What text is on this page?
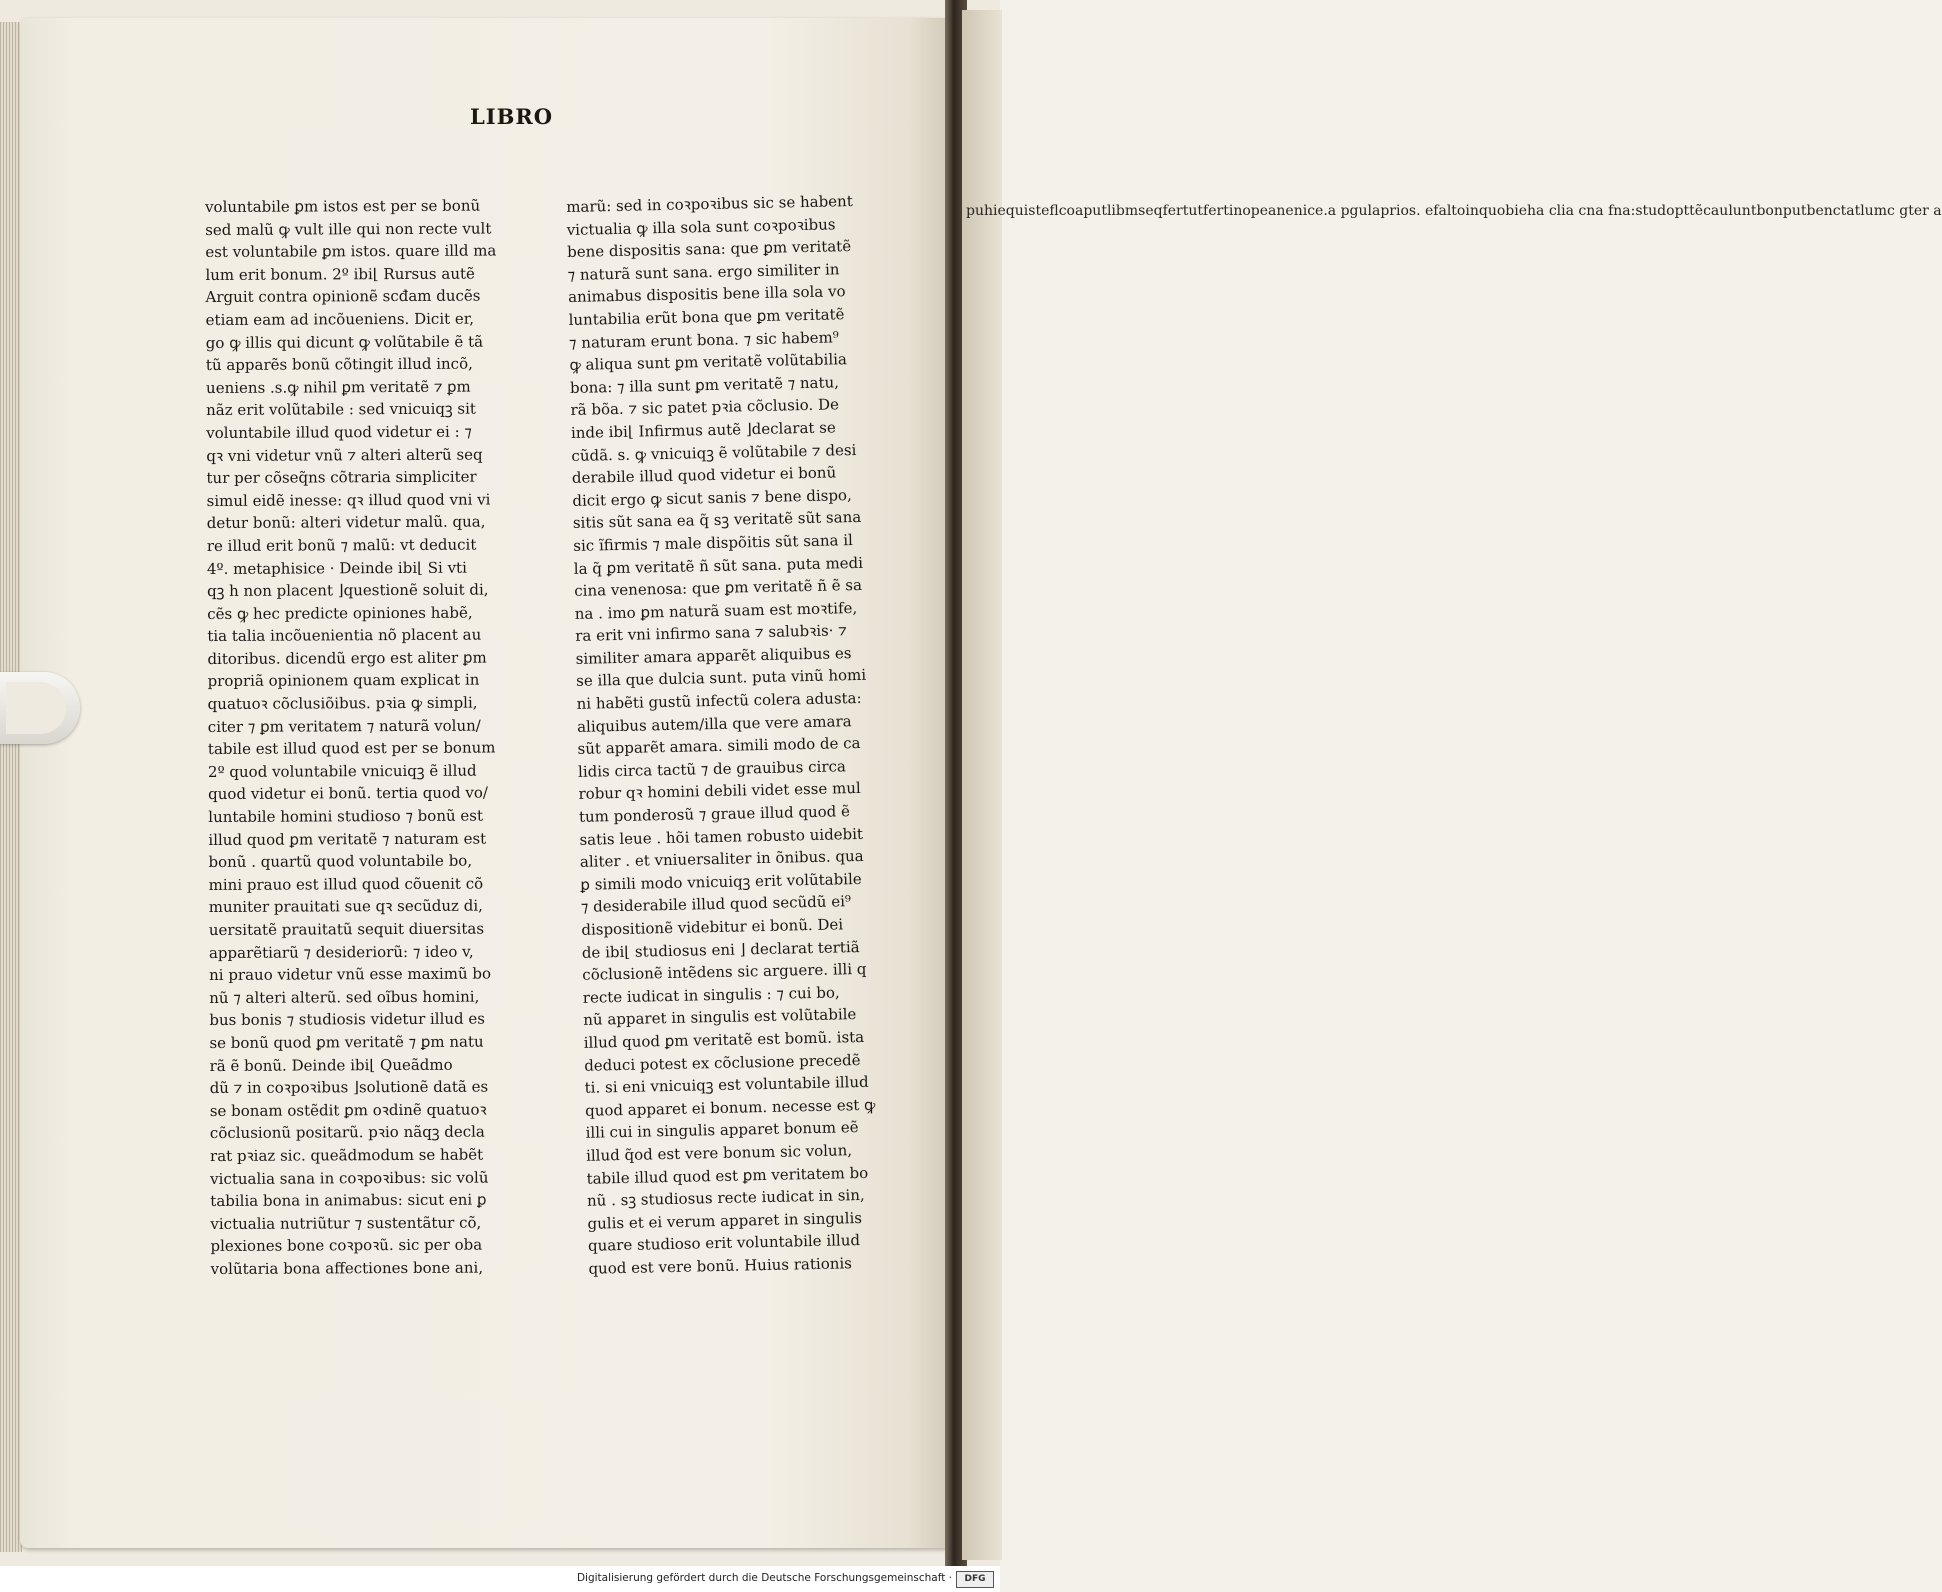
puhiequisteflcoaputlibmseqfertutfertinopeanenice.a pgulaprios. efaltoinquobieha clia cna fna:studopttẽcauluntbonputbenctatlumc gter a
LIBRO
voluntabile ꝑm istos est per se bonũ
sed malũ ꝙ vult ille qui non recte vult
est voluntabile ꝑm istos. quare illd ma
lum erit bonum. 2º ibi⌊ Rursus autẽ
Arguit contra opinionẽ scđam ducẽs
etiam eam ad incõueniens. Dicit er,
go ꝙ illis qui dicunt ꝙ volũtabile ẽ tã
tũ apparẽs bonũ cõtingit illud incõ,
ueniens .s.ꝙ nihil ꝑm veritatẽ ⁊ ꝑm
nãz erit volũtabile : sed vnicuiqꝫ sit
voluntabile illud quod videtur ei : ⁊
qꝛ vni videtur vnũ ⁊ alteri alterũ seq
tur per cõseq̃ns cõtraria simpliciter
simul eidẽ inesse: qꝛ illud quod vni vi
detur bonũ: alteri videtur malũ. qua,
re illud erit bonũ ⁊ malũ: vt deducit
4º. metaphisice · Deinde ibi⌊ Si vti
qꝫ h non placent ⌋questionẽ soluit di,
cẽs ꝙ hec predicte opiniones habẽ,
tia talia incõuenientia nõ placent au
ditoribus. dicendũ ergo est aliter ꝑm
propriã opinionem quam explicat in
quatuoꝛ cõclusiõibus. pꝛia ꝙ simpli,
citer ⁊ ꝑm veritatem ⁊ naturã volun/
tabile est illud quod est per se bonum
2º quod voluntabile vnicuiqꝫ ẽ illud
quod videtur ei bonũ. tertia quod vo/
luntabile homini studioso ⁊ bonũ est
illud quod ꝑm veritatẽ ⁊ naturam est
bonũ . quartũ quod voluntabile bo,
mini prauo est illud quod cõuenit cõ
muniter prauitati sue qꝛ secũduz di,
uersitatẽ prauitatũ sequit diuersitas
apparẽtiarũ ⁊ desideriorũ: ⁊ ideo v,
ni prauo videtur vnũ esse maximũ bo
nũ ⁊ alteri alterũ. sed oĩbus homini,
bus bonis ⁊ studiosis videtur illud es
se bonũ quod ꝑm veritatẽ ⁊ ꝑm natu
rã ẽ bonũ. Deinde ibi⌊ Queãdmo
dũ ⁊ in coꝛpoꝛibus ⌋solutionẽ datã es
se bonam ostẽdit ꝑm oꝛdinẽ quatuoꝛ
cõclusionũ positarũ. pꝛio nãqꝫ decla
rat pꝛiaz sic. queãdmodum se habẽt
victualia sana in coꝛpoꝛibus: sic volũ
tabilia bona in animabus: sicut eni ꝑ
victualia nutriũtur ⁊ sustentãtur cõ,
plexiones bone coꝛpoꝛũ. sic per oba
volũtaria bona affectiones bone ani,
marũ: sed in coꝛpoꝛibus sic se habent
victualia ꝙ illa sola sunt coꝛpoꝛibus
bene dispositis sana: que ꝑm veritatẽ
⁊ naturã sunt sana. ergo similiter in
animabus dispositis bene illa sola vo
luntabilia erũt bona que ꝑm veritatẽ
⁊ naturam erunt bona. ⁊ sic habem⁹
ꝙ aliqua sunt ꝑm veritatẽ volũtabilia
bona: ⁊ illa sunt ꝑm veritatẽ ⁊ natu,
rã bõa. ⁊ sic patet pꝛia cõclusio. De
inde ibi⌊ Infirmus autẽ ⌋declarat se
cũdã. s. ꝙ vnicuiqꝫ ẽ volũtabile ⁊ desi
derabile illud quod videtur ei bonũ
dicit ergo ꝙ sicut sanis ⁊ bene dispo,
sitis sũt sana ea q̃ sꝫ veritatẽ sũt sana
sic ĩfirmis ⁊ male dispõitis sũt sana il
la q̃ ꝑm veritatẽ ñ sũt sana. puta medi
cina venenosa: que ꝑm veritatẽ ñ ẽ sa
na . imo ꝑm naturã suam est moꝛtife,
ra erit vni infirmo sana ⁊ salubꝛis· ⁊
similiter amara apparẽt aliquibus es
se illa que dulcia sunt. puta vinũ homi
ni habẽti gustũ infectũ colera adusta:
aliquibus autem/illa que vere amara
sũt apparẽt amara. simili modo de ca
lidis circa tactũ ⁊ de grauibus circa
robur qꝛ homini debili videt esse mul
tum ponderosũ ⁊ graue illud quod ẽ
satis leue . hõi tamen robusto uidebit
aliter . et vniuersaliter in õnibus. qua
ꝑ simili modo vnicuiqꝫ erit volũtabile
⁊ desiderabile illud quod secũdũ ei⁹
dispositionẽ videbitur ei bonũ. Dei
de ibi⌊ studiosus eni ⌋ declarat tertiã
cõclusionẽ intẽdens sic arguere. illi q
recte iudicat in singulis : ⁊ cui bo,
nũ apparet in singulis est volũtabile
illud quod ꝑm veritatẽ est bomũ. ista
deduci potest ex cõclusione precedẽ
ti. si eni vnicuiqꝫ est voluntabile illud
quod apparet ei bonum. necesse est ꝙ
illi cui in singulis apparet bonum eẽ
illud q̃od est vere bonum sic volun,
tabile illud quod est ꝑm veritatem bo
nũ . sꝫ studiosus recte iudicat in sin,
gulis et ei verum apparet in singulis
quare studioso erit voluntabile illud
quod est vere bonũ. Huius rationis
Digitalisierung gefördert durch die Deutsche Forschungsgemeinschaft ·	DFG
